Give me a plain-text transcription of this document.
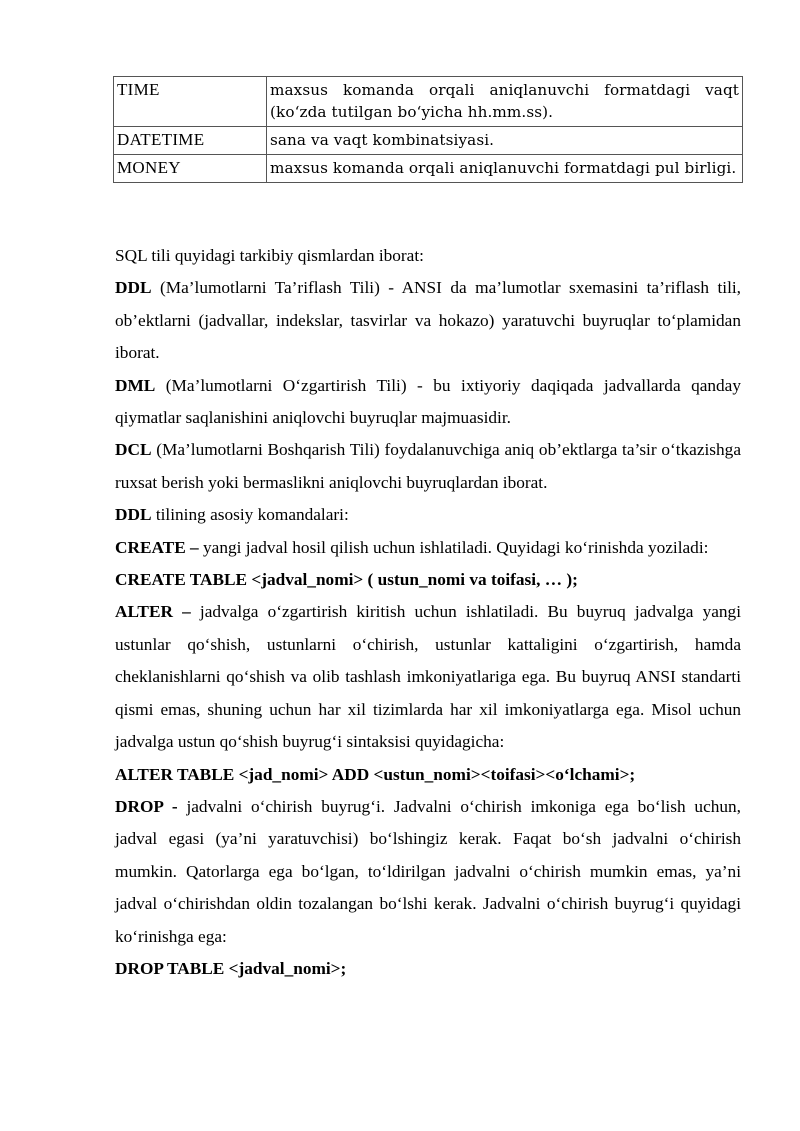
TIME	maxsus komanda orqali aniqlanuvchi formatdagi vaqt (ko‘zda tutilgan bo‘yicha hh.mm.ss).
DATETIME	sana va vaqt kombinatsiyasi.
MONEY	maxsus komanda orqali aniqlanuvchi formatdagi pul birligi.

SQL tili quyidagi tarkibiy qismlardan iborat:

DDL (Ma’lumotlarni Ta’riflash Tili) - ANSI da ma’lumotlar sxemasini ta’riflash tili, ob’ektlarni (jadvallar, indekslar, tasvirlar va hokazo) yaratuvchi buyruqlar to‘plamidan iborat.

DML (Ma’lumotlarni O‘zgartirish Tili) - bu ixtiyoriy daqiqada jadvallarda qanday qiymatlar saqlanishini aniqlovchi buyruqlar majmuasidir.

DCL (Ma’lumotlarni Boshqarish Tili) foydalanuvchiga aniq ob’ektlarga ta’sir o‘tkazishga ruxsat berish yoki bermaslikni aniqlovchi buyruqlardan iborat.

DDL tilining asosiy komandalari:

CREATE – yangi jadval hosil qilish uchun ishlatiladi. Quyidagi ko‘rinishda yoziladi:

CREATE TABLE <jadval_nomi> ( ustun_nomi va toifasi, … );

ALTER – jadvalga o‘zgartirish kiritish uchun ishlatiladi. Bu buyruq jadvalga yangi ustunlar qo‘shish, ustunlarni o‘chirish, ustunlar kattaligini o‘zgartirish, hamda cheklanishlarni qo‘shish va olib tashlash imkoniyatlariga ega. Bu buyruq ANSI standarti qismi emas, shuning uchun har xil tizimlarda har xil imkoniyatlarga ega. Misol uchun jadvalga ustun qo‘shish buyrug‘i sintaksisi quyidagicha:

ALTER TABLE <jad_nomi> ADD <ustun_nomi><toifasi><o‘lchami>;

DROP - jadvalni o‘chirish buyrug‘i. Jadvalni o‘chirish imkoniga ega bo‘lish uchun, jadval egasi (ya’ni yaratuvchisi) bo‘lshingiz kerak. Faqat bo‘sh jadvalni o‘chirish mumkin. Qatorlarga ega bo‘lgan, to‘ldirilgan jadvalni o‘chirish mumkin emas, ya’ni jadval o‘chirishdan oldin tozalangan bo‘lshi kerak. Jadvalni o‘chirish buyrug‘i quyidagi ko‘rinishga ega:

DROP TABLE <jadval_nomi>;
